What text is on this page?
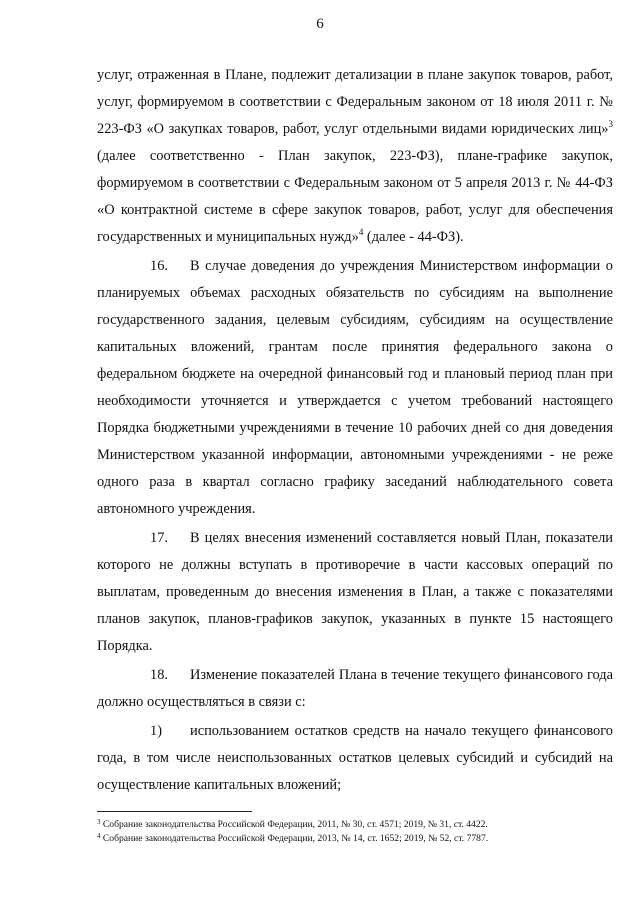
6

услуг, отраженная в Плане, подлежит детализации в плане закупок товаров, работ, услуг, формируемом в соответствии с Федеральным законом от 18 июля 2011 г. № 223-ФЗ «О закупках товаров, работ, услуг отдельными видами юридических лиц»$^3$ (далее соответственно - План закупок, 223-ФЗ), плане-графике закупок, формируемом в соответствии с Федеральным законом от 5 апреля 2013 г. № 44-ФЗ «О контрактной системе в сфере закупок товаров, работ, услуг для обеспечения государственных и муниципальных нужд»$^4$ (далее - 44-ФЗ).

16. В случае доведения до учреждения Министерством информации о планируемых объемах расходных обязательств по субсидиям на выполнение государственного задания, целевым субсидиям, субсидиям на осуществление капитальных вложений, грантам после принятия федерального закона о федеральном бюджете на очередной финансовый год и плановый период план при необходимости уточняется и утверждается с учетом требований настоящего Порядка бюджетными учреждениями в течение 10 рабочих дней со дня доведения Министерством указанной информации, автономными учреждениями - не реже одного раза в квартал согласно графику заседаний наблюдательного совета автономного учреждения.

17. В целях внесения изменений составляется новый План, показатели которого не должны вступать в противоречие в части кассовых операций по выплатам, проведенным до внесения изменения в План, а также с показателями планов закупок, планов-графиков закупок, указанных в пункте 15 настоящего Порядка.

18. Изменение показателей Плана в течение текущего финансового года должно осуществляться в связи с:

1) использованием остатков средств на начало текущего финансового года, в том числе неиспользованных остатков целевых субсидий и субсидий на осуществление капитальных вложений;

$^3$ Собрание законодательства Российской Федерации, 2011, № 30, ст. 4571; 2019, № 31, ст. 4422.

$^4$ Собрание законодательства Российской Федерации, 2013, № 14, ст. 1652; 2019, № 52, ст. 7787.
